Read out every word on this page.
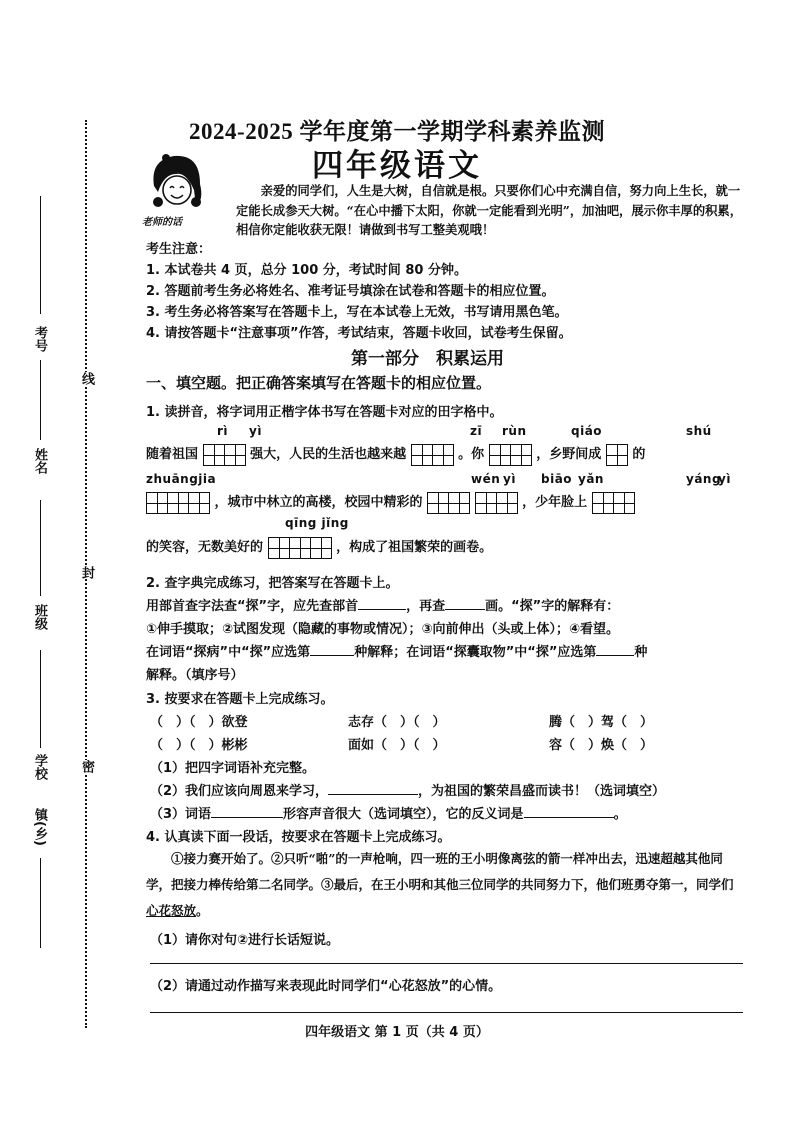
考号
线
姓名
班级
封
学校 密
镇(乡)
2024-2025 学年度第一学期学科素养监测
四年级语文
老师的话
亲爱的同学们，人生是大树，自信就是根。只要你们心中充满自信，努力向上生长，就一定能长成参天大树。“在心中播下太阳，你就一定能看到光明”，加油吧，展示你丰厚的积累，相信你定能收获无限！请做到书写工整美观哦！
考生注意：
1. 本试卷共 4 页，总分 100 分，考试时间 80 分钟。
2. 答题前考生务必将姓名、准考证号填涂在试卷和答题卡的相应位置。
3. 考生务必将答案写在答题卡上，写在本试卷上无效，书写请用黑色笔。
4. 请按答题卡“注意事项”作答，考试结束，答题卡收回，试卷考生保留。
第一部分　积累运用
一、填空题。把正确答案填写在答题卡的相应位置。
1. 读拼音，将字词用正楷字体书写在答题卡对应的田字格中。
rì yì	zī rùn	qiáo	shú
随着祖国	强大，人民的生活也越来越	。你	，乡野间成 的
zhuāngjia	wén yì biāo yǎn	yáng
yì
，城市中林立的高楼，校园中精彩的
	，少年脸上
qīng jǐng
的笑容，无数美好的	，构成了祖国繁荣的画卷。
2. 查字典完成练习，把答案写在答题卡上。
用部首查字法查“探”字，应先查部首	，再查	画。“探”字的解释有：
①伸手摸取；②试图发现（隐藏的事物或情况）；③向前伸出（头或上体）；④看望。
在词语“探病”中“探”应选第	种解释；在词语“探囊取物”中“探”应选第	种
解释。（填序号）
3. 按要求在答题卡上完成练习。
（　）（　）欲登	志存（　）（　）	腾（　）驾（　）
（　）（　）彬彬	面如（　）（　）	容（　）焕（　）
（1）把四字词语补充完整。
（2）我们应该向周恩来学习，	，为祖国的繁荣昌盛而读书！（选词填空）
（3）词语	形容声音很大（选词填空），它的反义词是	。
4. 认真读下面一段话，按要求在答题卡上完成练习。
①接力赛开始了。②只听“啪”的一声枪响，四一班的王小明像离弦的箭一样冲出去，迅速超越其他同学，把接力棒传给第二名同学。③最后，在王小明和其他三位同学的共同努力下，他们班勇夺第一，同学们心花怒放。
（1）请你对句②进行长话短说。
（2）请通过动作描写来表现此时同学们“心花怒放”的心情。
四年级语文 第 1 页（共 4 页）
